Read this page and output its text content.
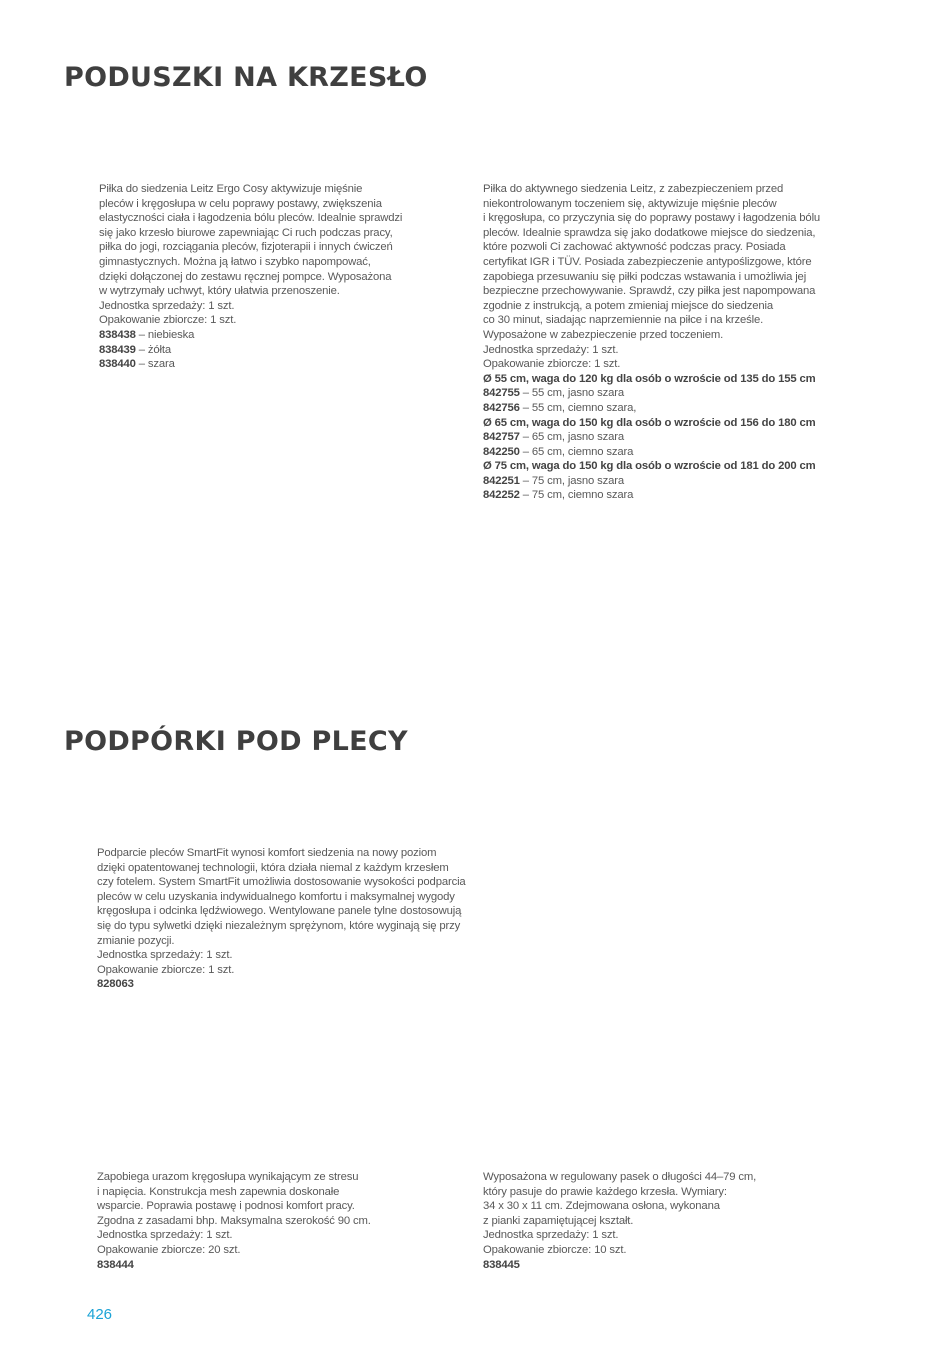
PODUSZKI NA KRZESŁO

Piłka do siedzenia Leitz Ergo Cosy aktywizuje mięśnie

pleców i kręgosłupa w celu poprawy postawy, zwiększenia

elastyczności ciała i łagodzenia bólu pleców. Idealnie sprawdzi

się jako krzesło biurowe zapewniając Ci ruch podczas pracy,

piłka do jogi, rozciągania pleców, fizjoterapii i innych ćwiczeń

gimnastycznych. Można ją łatwo i szybko napompować,

dzięki dołączonej do zestawu ręcznej pompce. Wyposażona

w wytrzymały uchwyt, który ułatwia przenoszenie.

Jednostka sprzedaży: 1 szt.

Opakowanie zbiorcze: 1 szt.

838438 – niebieska

838439 – żółta

838440 – szara

Piłka do aktywnego siedzenia Leitz, z zabezpieczeniem przed

niekontrolowanym toczeniem się, aktywizuje mięśnie pleców

i kręgosłupa, co przyczynia się do poprawy postawy i łagodzenia bólu

pleców. Idealnie sprawdza się jako dodatkowe miejsce do siedzenia,

które pozwoli Ci zachować aktywność podczas pracy. Posiada

certyfikat IGR i TÜV. Posiada zabezpieczenie antypoślizgowe, które

zapobiega przesuwaniu się piłki podczas wstawania i umożliwia jej

bezpieczne przechowywanie. Sprawdź, czy piłka jest napompowana

zgodnie z instrukcją, a potem zmieniaj miejsce do siedzenia

co 30 minut, siadając naprzemiennie na piłce i na krześle.

Wyposażone w zabezpieczenie przed toczeniem.

Jednostka sprzedaży: 1 szt.

Opakowanie zbiorcze: 1 szt.

Ø 55 cm, waga do 120 kg dla osób o wzroście od 135 do 155 cm

842755 – 55 cm, jasno szara

842756 – 55 cm, ciemno szara,

Ø 65 cm, waga do 150 kg dla osób o wzroście od 156 do 180 cm

842757 – 65 cm, jasno szara

842250 – 65 cm, ciemno szara

Ø 75 cm, waga do 150 kg dla osób o wzroście od 181 do 200 cm

842251 – 75 cm, jasno szara

842252 – 75 cm, ciemno szara

PODPÓRKI POD PLECY

Podparcie pleców SmartFit wynosi komfort siedzenia na nowy poziom

dzięki opatentowanej technologii, która działa niemal z każdym krzesłem

czy fotelem. System SmartFit umożliwia dostosowanie wysokości podparcia

pleców w celu uzyskania indywidualnego komfortu i maksymalnej wygody

kręgosłupa i odcinka lędźwiowego. Wentylowane panele tylne dostosowują

się do typu sylwetki dzięki niezależnym sprężynom, które wyginają się przy

zmianie pozycji.

Jednostka sprzedaży: 1 szt.

Opakowanie zbiorcze: 1 szt.

828063

Zapobiega urazom kręgosłupa wynikającym ze stresu

i napięcia. Konstrukcja mesh zapewnia doskonałe

wsparcie. Poprawia postawę i podnosi komfort pracy.

Zgodna z zasadami bhp. Maksymalna szerokość 90 cm.

Jednostka sprzedaży: 1 szt.

Opakowanie zbiorcze: 20 szt.

838444

Wyposażona w regulowany pasek o długości 44–79 cm,

który pasuje do prawie każdego krzesła. Wymiary:

34 x 30 x 11 cm. Zdejmowana osłona, wykonana

z pianki zapamiętującej kształt.

Jednostka sprzedaży: 1 szt.

Opakowanie zbiorcze: 10 szt.

838445

426
